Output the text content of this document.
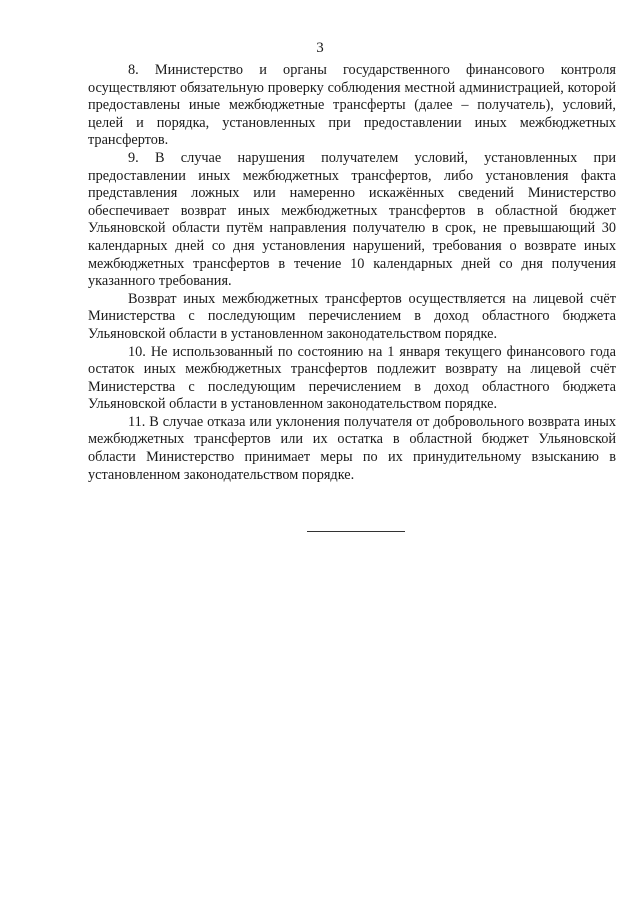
3

8. Министерство и органы государственного финансового контроля осуществляют обязательную проверку соблюдения местной администрацией, которой предоставлены иные межбюджетные трансферты (далее – получатель), условий, целей и порядка, установленных при предоставлении иных межбюджетных трансфертов.

9. В случае нарушения получателем условий, установленных при предоставлении иных межбюджетных трансфертов, либо установления факта представления ложных или намеренно искажённых сведений Министерство обеспечивает возврат иных межбюджетных трансфертов в областной бюджет Ульяновской области путём направления получателю в срок, не превышающий 30 календарных дней со дня установления нарушений, требования о возврате иных межбюджетных трансфертов в течение 10 календарных дней со дня получения указанного требования.

Возврат иных межбюджетных трансфертов осуществляется на лицевой счёт Министерства с последующим перечислением в доход областного бюджета Ульяновской области в установленном законодательством порядке.

10. Не использованный по состоянию на 1 января текущего финансового года остаток иных межбюджетных трансфертов подлежит возврату на лицевой счёт Министерства с последующим перечислением в доход областного бюджета Ульяновской области в установленном законодательством порядке.

11. В случае отказа или уклонения получателя от добровольного возврата иных межбюджетных трансфертов или их остатка в областной бюджет Ульяновской области Министерство принимает меры по их принудительному взысканию в установленном законодательством порядке.
